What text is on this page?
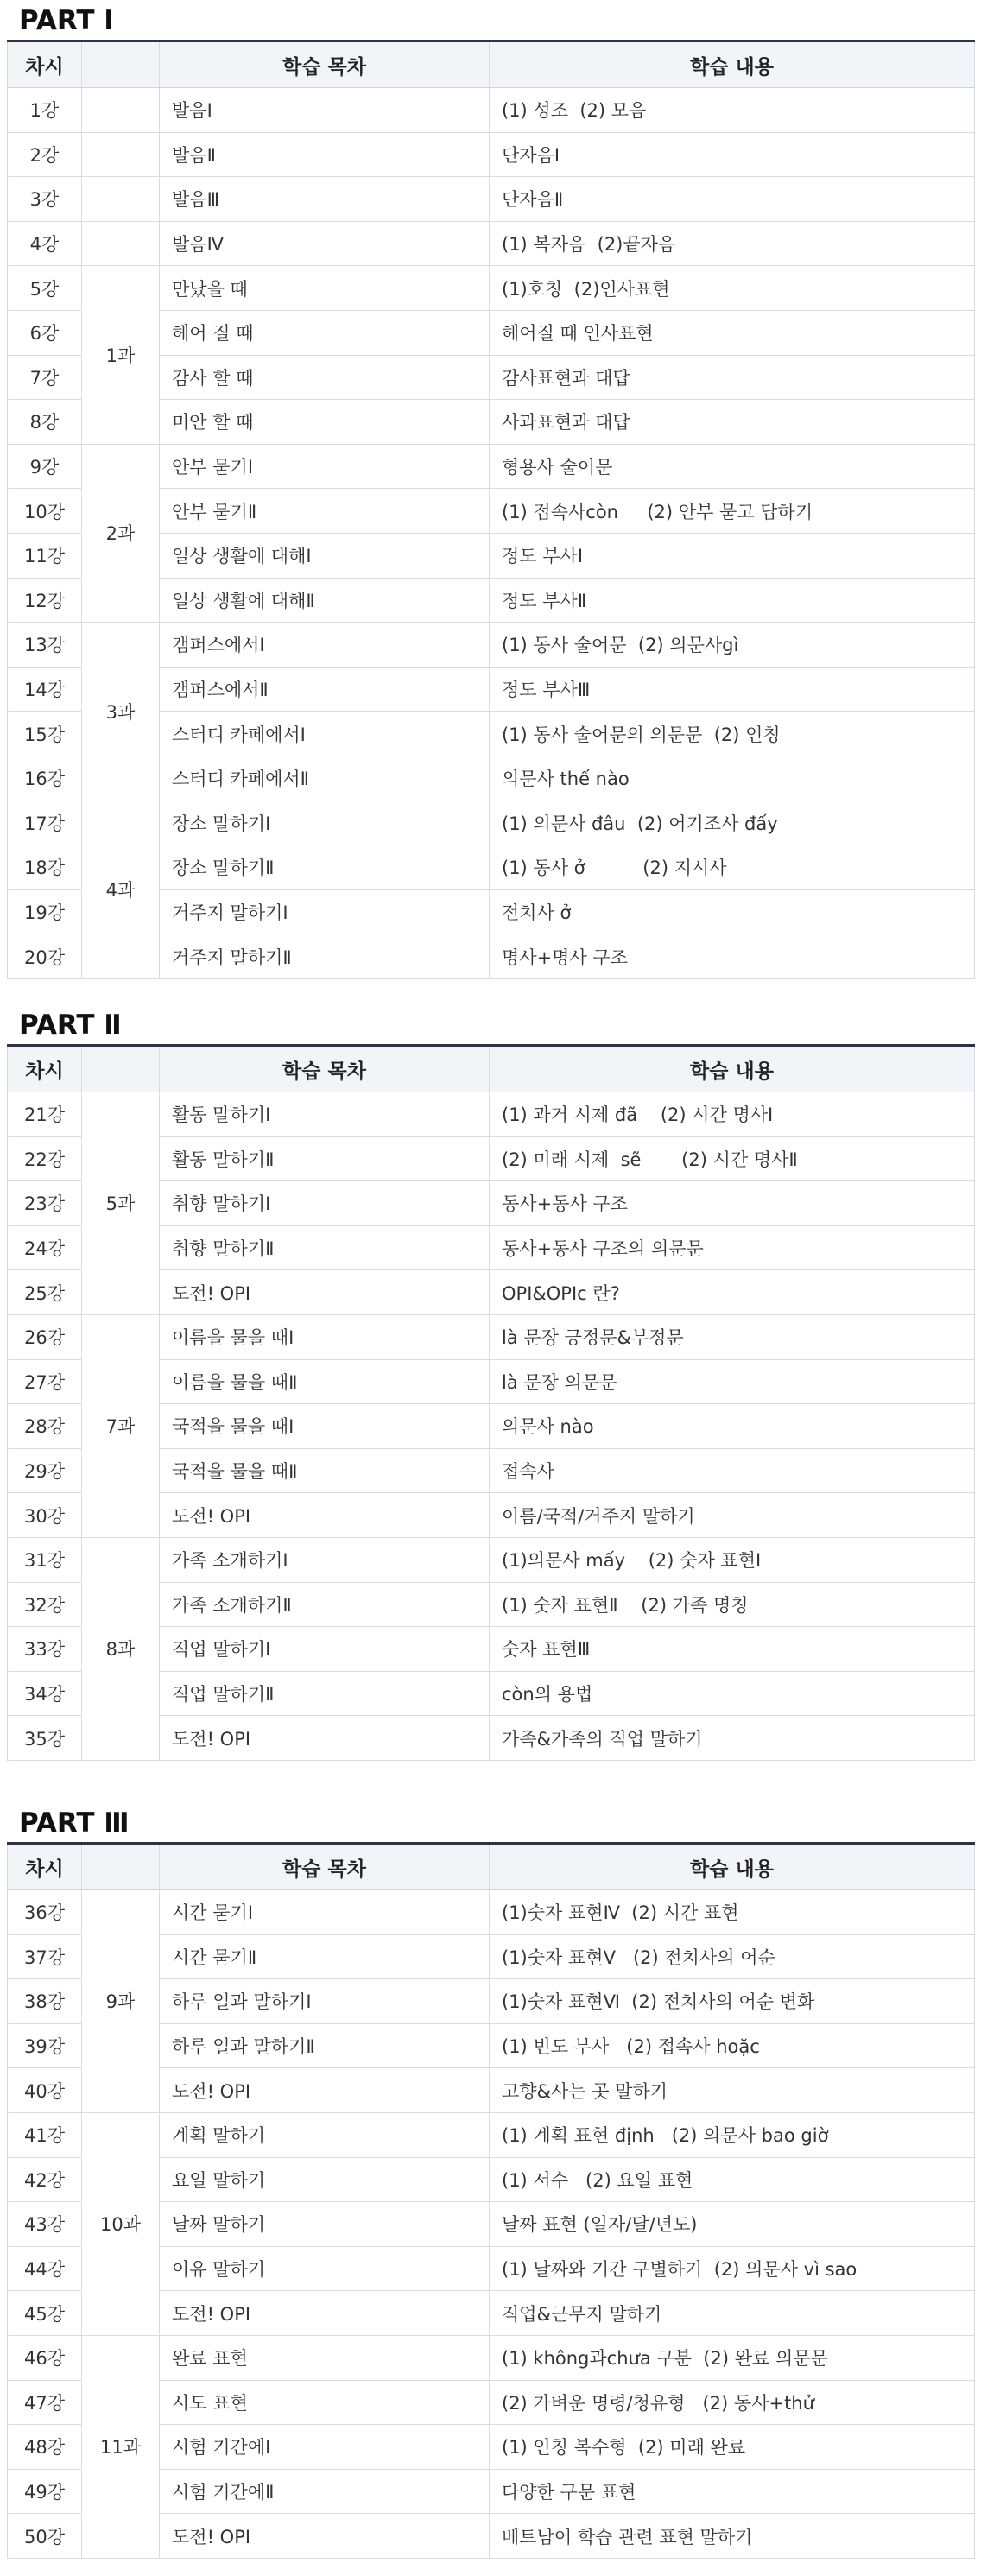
PART Ⅰ
차시		학습 목차	학습 내용
1강		발음Ⅰ	(1) 성조  (2) 모음
2강		발음Ⅱ	단자음Ⅰ
3강		발음Ⅲ	단자음Ⅱ
4강		발음Ⅳ	(1) 복자음  (2)끝자음
5강	1과	만났을 때	(1)호칭  (2)인사표현
6강		헤어 질 때	헤어질 때 인사표현
7강		감사 할 때	감사표현과 대답
8강		미안 할 때	사과표현과 대답
9강	2과	안부 묻기Ⅰ	형용사 술어문
10강		안부 묻기Ⅱ	(1) 접속사còn     (2) 안부 묻고 답하기
11강		일상 생활에 대해Ⅰ	정도 부사Ⅰ
12강		일상 생활에 대해Ⅱ	정도 부사Ⅱ
13강	3과	캠퍼스에서Ⅰ	(1) 동사 술어문  (2) 의문사gì
14강		캠퍼스에서Ⅱ	정도 부사Ⅲ
15강		스터디 카페에서Ⅰ	(1) 동사 술어문의 의문문  (2) 인칭
16강		스터디 카페에서Ⅱ	의문사 thế nào
17강	4과	장소 말하기Ⅰ	(1) 의문사 đâu  (2) 어기조사 đấy
18강		장소 말하기Ⅱ	(1) 동사 ở          (2) 지시사
19강		거주지 말하기Ⅰ	전치사 ở
20강		거주지 말하기Ⅱ	명사+명사 구조
PART Ⅱ
차시		학습 목차	학습 내용
21강	5과	활동 말하기Ⅰ	(1) 과거 시제 đã    (2) 시간 명사Ⅰ
22강		활동 말하기Ⅱ	(2) 미래 시제  sẽ       (2) 시간 명사Ⅱ
23강		취향 말하기Ⅰ	동사+동사 구조
24강		취향 말하기Ⅱ	동사+동사 구조의 의문문
25강		도전! OPI	OPI&OPIc 란?
26강	7과	이름을 물을 때Ⅰ	là 문장 긍정문&부정문
27강		이름을 물을 때Ⅱ	là 문장 의문문
28강		국적을 물을 때Ⅰ	의문사 nào
29강		국적을 물을 때Ⅱ	접속사
30강		도전! OPI	이름/국적/거주지 말하기
31강	8과	가족 소개하기Ⅰ	(1)의문사 mấy    (2) 숫자 표현Ⅰ
32강		가족 소개하기Ⅱ	(1) 숫자 표현Ⅱ    (2) 가족 명칭
33강		직업 말하기Ⅰ	숫자 표현Ⅲ
34강		직업 말하기Ⅱ	còn의 용법
35강		도전! OPI	가족&가족의 직업 말하기
PART Ⅲ
차시		학습 목차	학습 내용
36강	9과	시간 묻기Ⅰ	(1)숫자 표현Ⅳ  (2) 시간 표현
37강		시간 묻기Ⅱ	(1)숫자 표현Ⅴ   (2) 전치사의 어순
38강		하루 일과 말하기Ⅰ	(1)숫자 표현Ⅵ  (2) 전치사의 어순 변화
39강		하루 일과 말하기Ⅱ	(1) 빈도 부사   (2) 접속사 hoặc
40강		도전! OPI	고향&사는 곳 말하기
41강	10과	계획 말하기	(1) 계획 표현 định   (2) 의문사 bao giờ
42강		요일 말하기	(1) 서수   (2) 요일 표현
43강		날짜 말하기	날짜 표현 (일자/달/년도)
44강		이유 말하기	(1) 날짜와 기간 구별하기  (2) 의문사 vì sao
45강		도전! OPI	직업&근무지 말하기
46강	11과	완료 표현	(1) không과chưa 구분  (2) 완료 의문문
47강		시도 표현	(2) 가벼운 명령/청유형   (2) 동사+thử
48강		시험 기간에Ⅰ	(1) 인칭 복수형  (2) 미래 완료
49강		시험 기간에Ⅱ	다양한 구문 표현
50강		도전! OPI	베트남어 학습 관련 표현 말하기
